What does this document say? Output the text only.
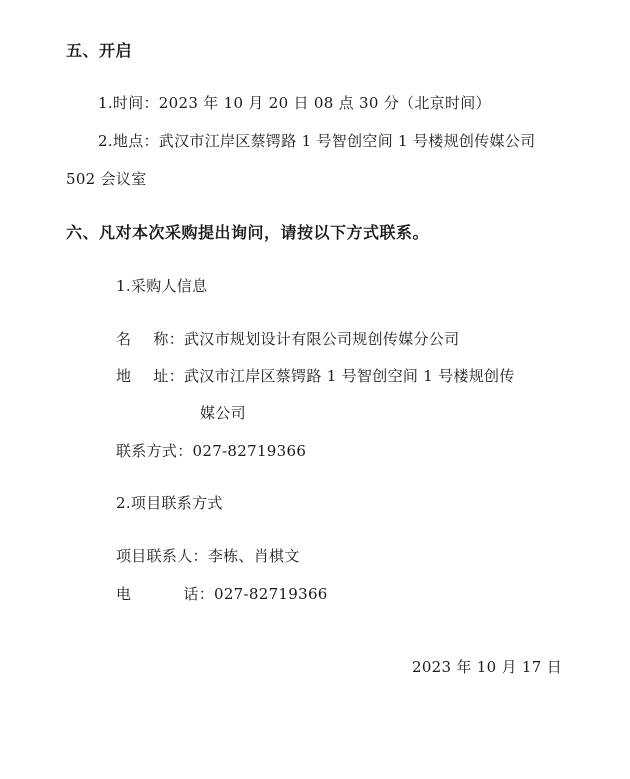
五、开启
1.时间：2023 年 10 月 20 日 08 点 30 分（北京时间）
2.地点：武汉市江岸区蔡锷路 1 号智创空间 1 号楼规创传媒公司
502 会议室
六、凡对本次采购提出询问，请按以下方式联系。
1.采购人信息
名 称： 武汉市规划设计有限公司规创传媒分公司
地 址： 武汉市江岸区蔡锷路 1 号智创空间 1 号楼规创传
媒公司
联系方式：027-82719366
2.项目联系方式
项目联系人：李栋、肖棋文
电	话： 027-82719366
2023 年 10 月 17 日
